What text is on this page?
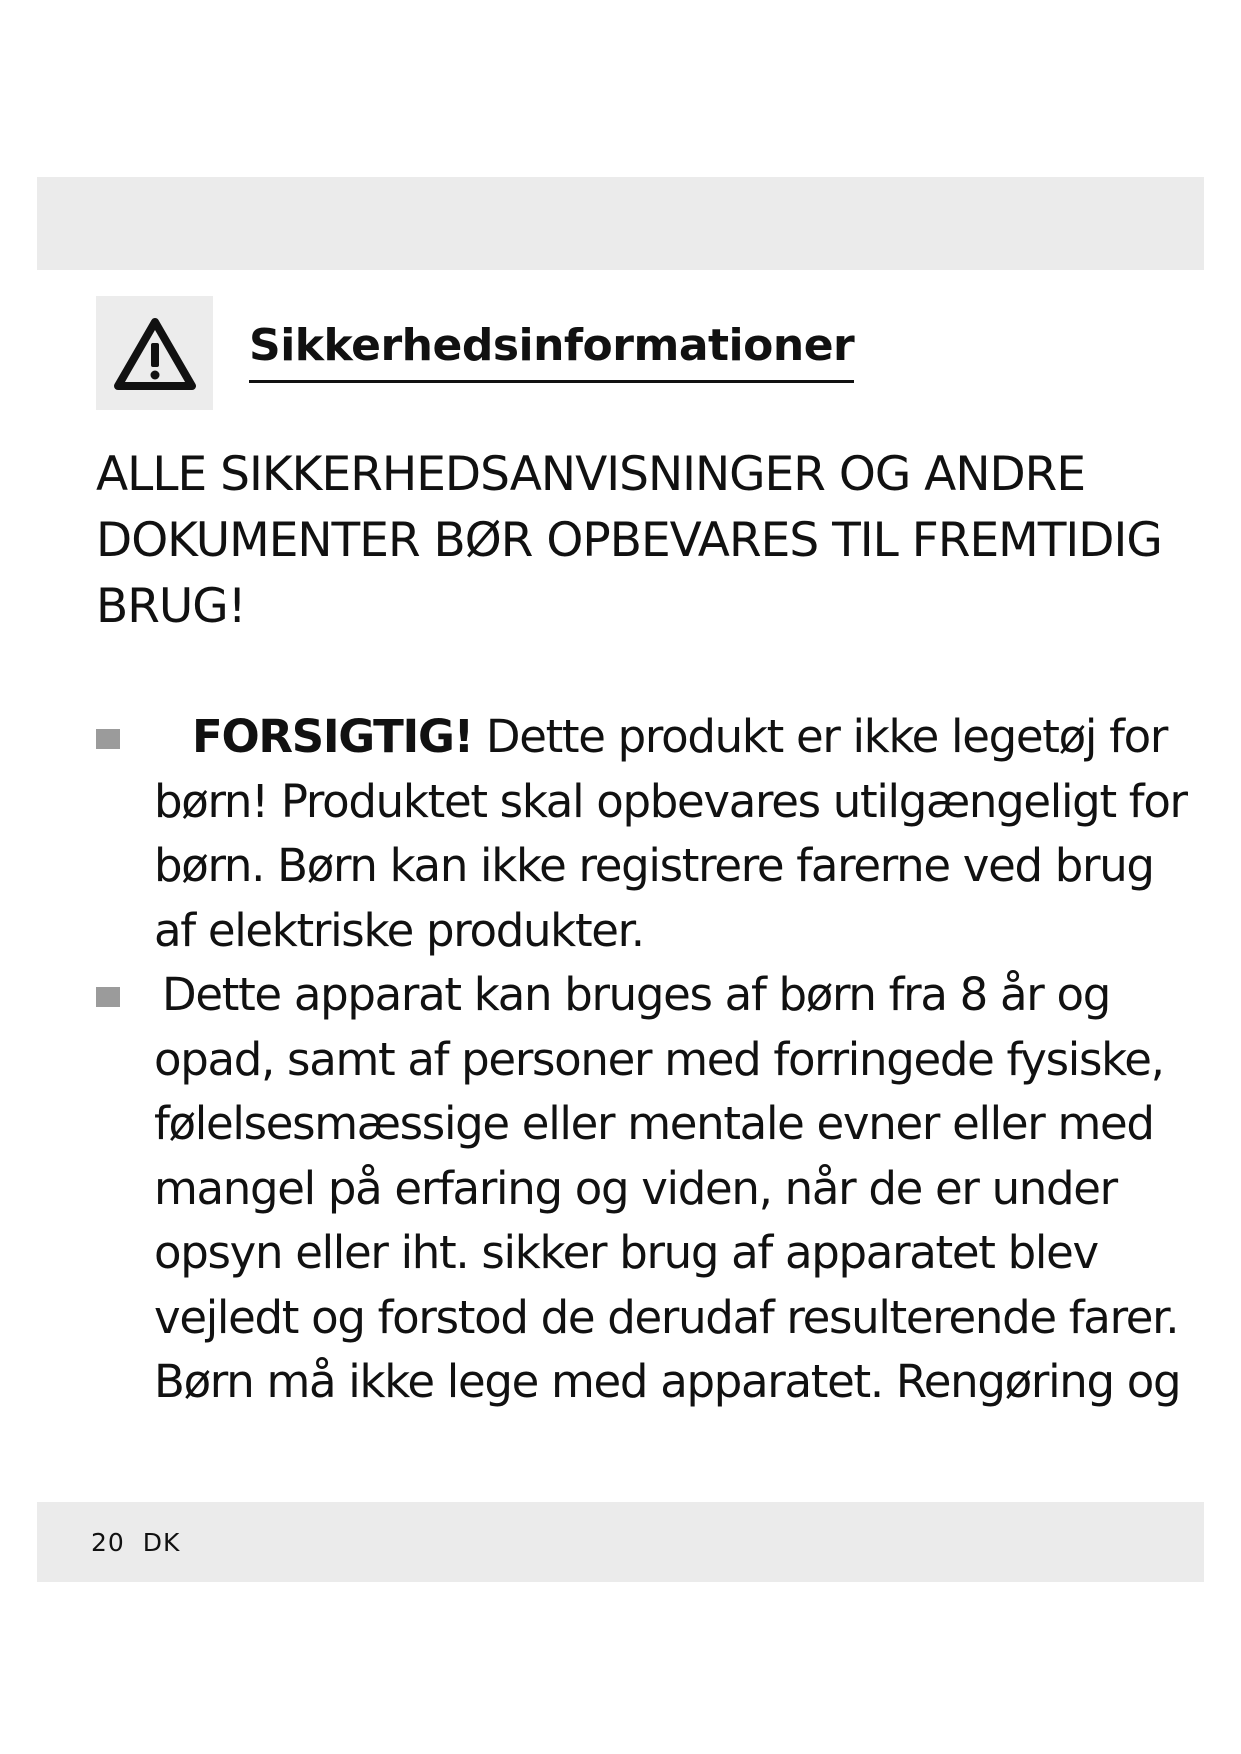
Sikkerhedsinformationer
ALLE SIKKERHEDSANVISNINGER OG ANDRE
DOKUMENTER BØR OPBEVARES TIL FREMTIDIG
BRUG!
FORSIGTIG! Dette produkt er ikke legetøj for
børn! Produktet skal opbevares utilgængeligt for
børn. Børn kan ikke registrere farerne ved brug
af elektriske produkter.
Dette apparat kan bruges af børn fra 8 år og
opad, samt af personer med forringede fysiske,
følelsesmæssige eller mentale evner eller med
mangel på erfaring og viden, når de er under
opsyn eller iht. sikker brug af apparatet blev
vejledt og forstod de derudaf resulterende farer.
Børn må ikke lege med apparatet. Rengøring og
20 DK
